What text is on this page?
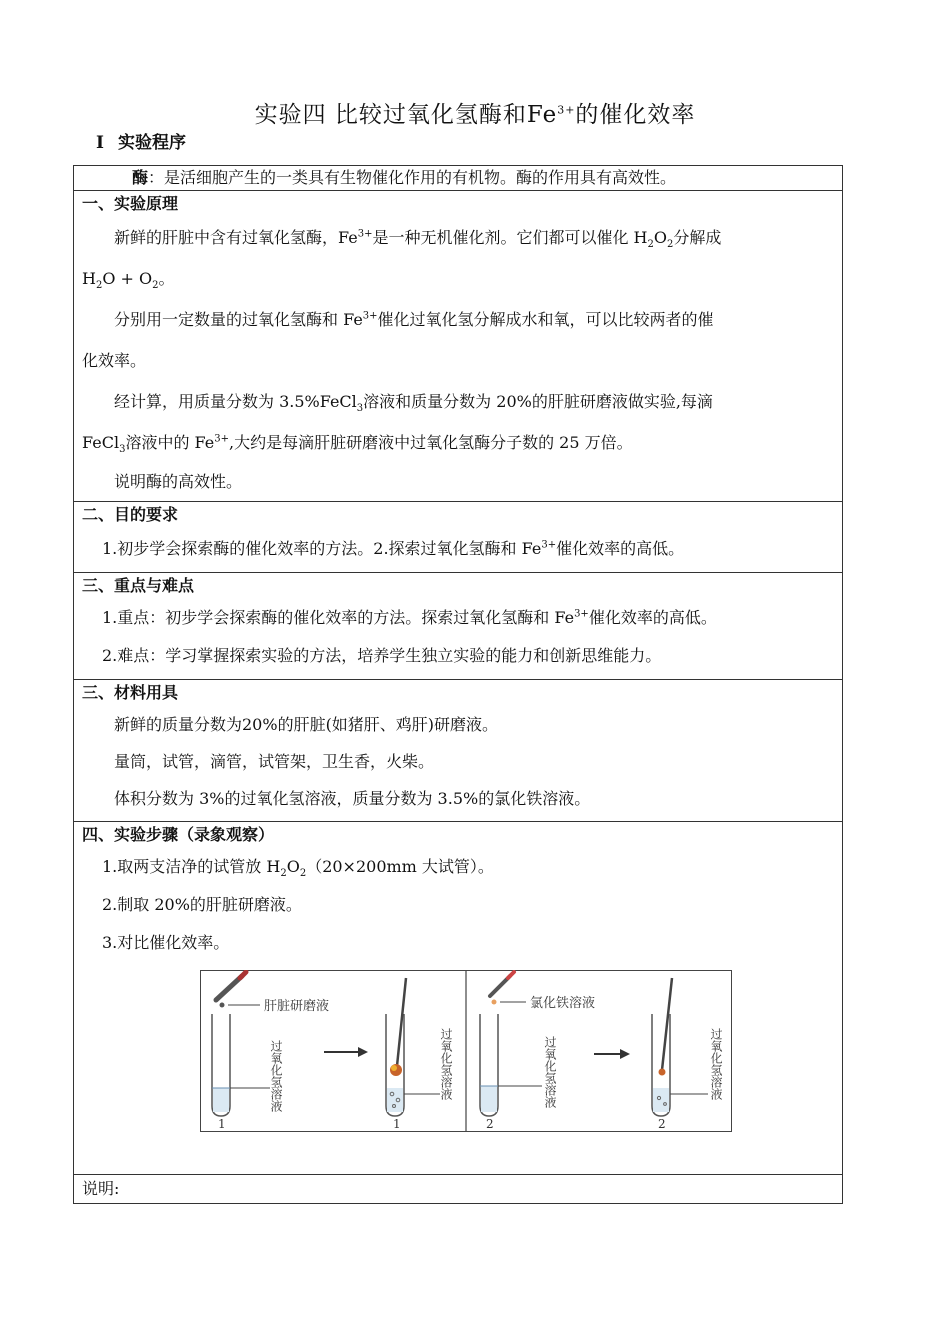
实验四 比较过氧化氢酶和$Fe^{3+}$的催化效率
Ⅰ 实验程序
酶：是活细胞产生的一类具有生物催化作用的有机物。酶的作用具有高效性。

一、实验原理
新鲜的肝脏中含有过氧化氢酶，$Fe^{3+}$是一种无机催化剂。它们都可以催化 $H_2O_2$分解成
$H_2O + O_2$。
分别用一定数量的过氧化氢酶和 $Fe^{3+}$催化过氧化氢分解成水和氧，可以比较两者的催
化效率。
经计算，用质量分数为 3.5%FeCl$_3$溶液和质量分数为 20%的肝脏研磨液做实验,每滴
FeCl$_3$溶液中的 $Fe^{3+}$,大约是每滴肝脏研磨液中过氧化氢酶分子数的 25 万倍。
说明酶的高效性。

二、目的要求
1.初步学会探索酶的催化效率的方法。2.探索过氧化氢酶和 $Fe^{3+}$催化效率的高低。

三、重点与难点
1.重点：初步学会探索酶的催化效率的方法。探索过氧化氢酶和 $Fe^{3+}$催化效率的高低。
2.难点：学习掌握探索实验的方法，培养学生独立实验的能力和创新思维能力。

三、材料用具
新鲜的质量分数为20%的肝脏(如猪肝、鸡肝)研磨液。
量筒，试管，滴管，试管架，卫生香，火柴。
体积分数为 3%的过氧化氢溶液，质量分数为 3.5%的氯化铁溶液。

四、实验步骤（录象观察）
1.取两支洁净的试管放 $H_2O_2(20\times 200mm$ 大试管）。
2.制取 20%的肝脏研磨液。
3.对比催化效率。
肝脏研磨液
过氧化氢溶液	过氧化氢溶液
1	1
氯化铁溶液
过氧化氢溶液	过氧化氢溶液
2	2

说明:
